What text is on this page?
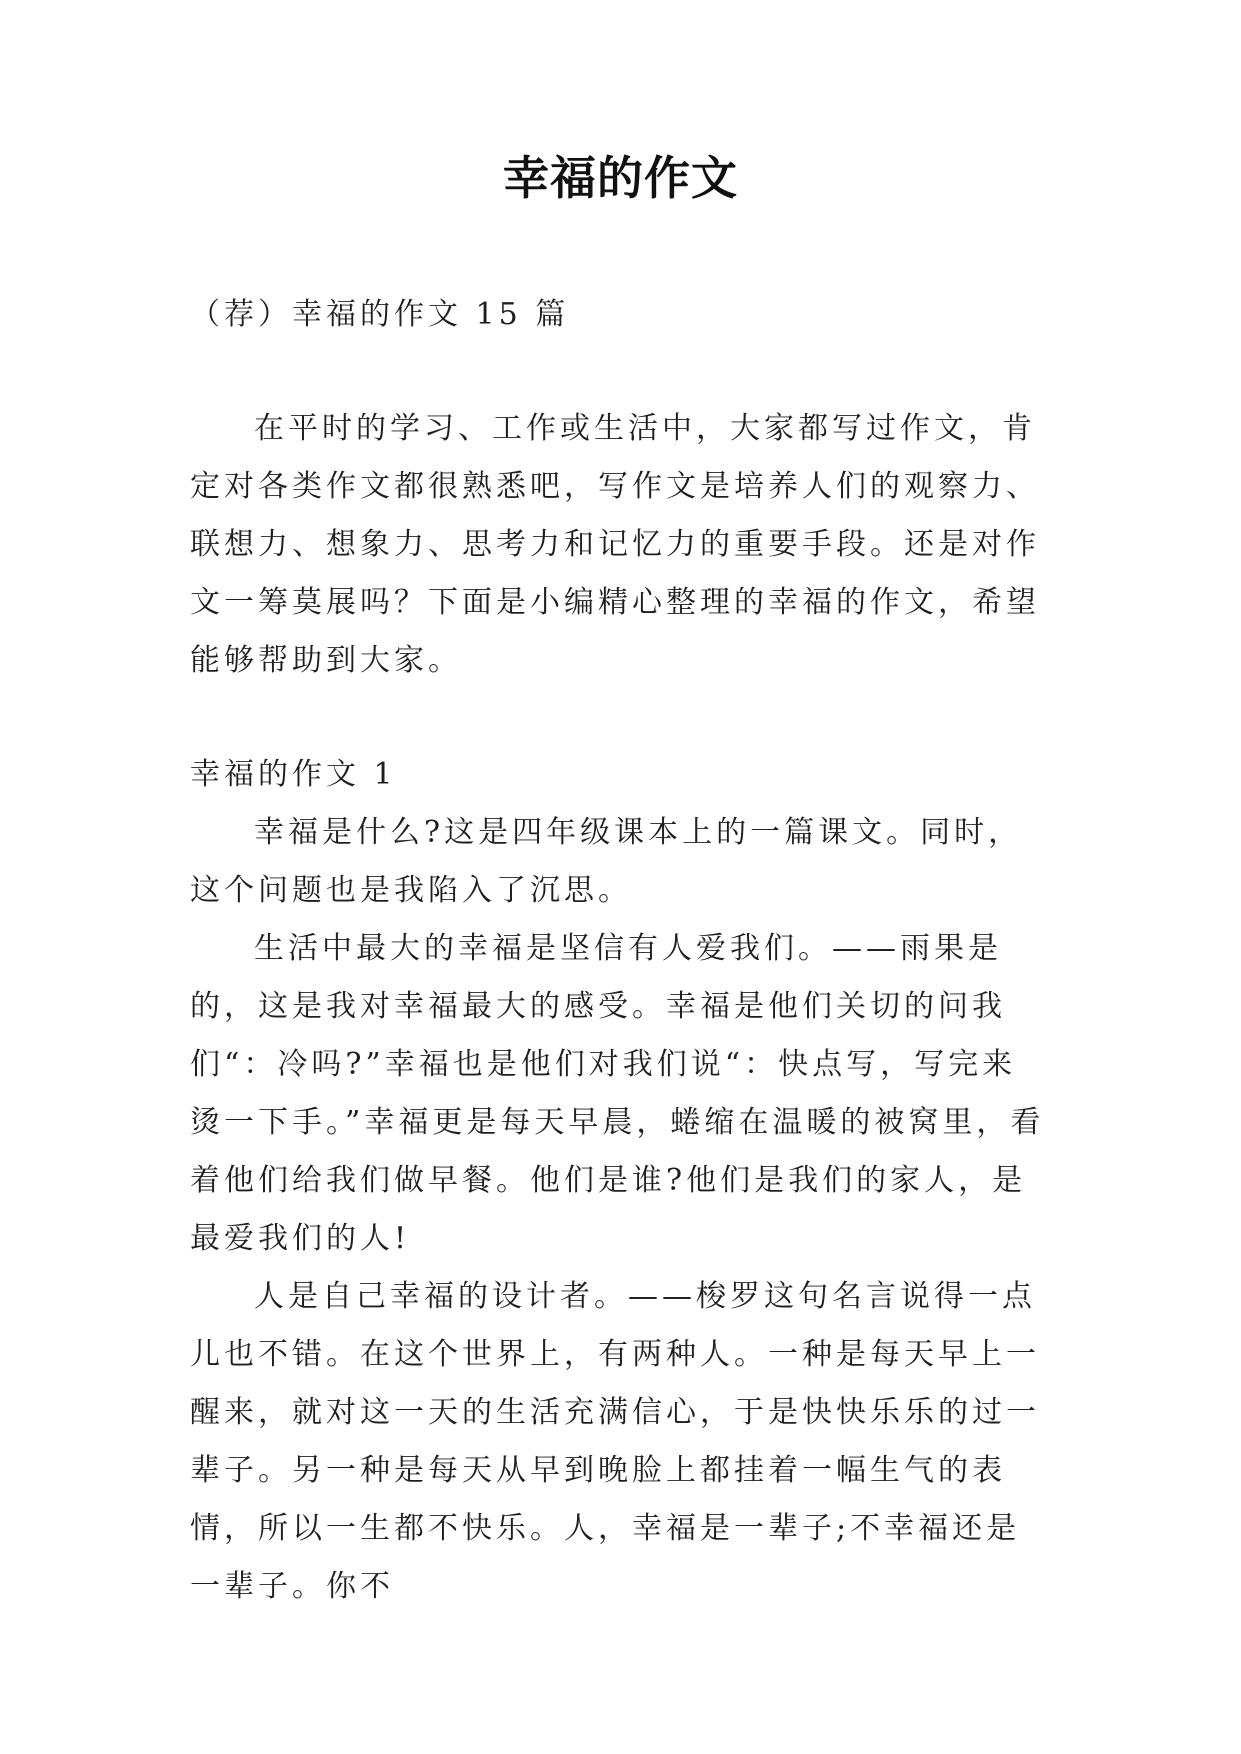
幸福的作文

（荐）幸福的作文 15 篇

在平时的学习、工作或生活中，大家都写过作文，肯定对各类作文都很熟悉吧，写作文是培养人们的观察力、联想力、想象力、思考力和记忆力的重要手段。还是对作文一筹莫展吗？下面是小编精心整理的幸福的作文，希望能够帮助到大家。

幸福的作文 1

幸福是什么?这是四年级课本上的一篇课文。同时，这个问题也是我陷入了沉思。

生活中最大的幸福是坚信有人爱我们。——雨果是的，这是我对幸福最大的感受。幸福是他们关切的问我们“：冷吗?”幸福也是他们对我们说“：快点写，写完来烫一下手。”幸福更是每天早晨，蜷缩在温暖的被窝里，看着他们给我们做早餐。他们是谁?他们是我们的家人，是最爱我们的人!

人是自己幸福的设计者。——梭罗这句名言说得一点儿也不错。在这个世界上，有两种人。一种是每天早上一醒来，就对这一天的生活充满信心，于是快快乐乐的过一辈子。另一种是每天从早到晚脸上都挂着一幅生气的表情，所以一生都不快乐。人，幸福是一辈子;不幸福还是一辈子。你不
